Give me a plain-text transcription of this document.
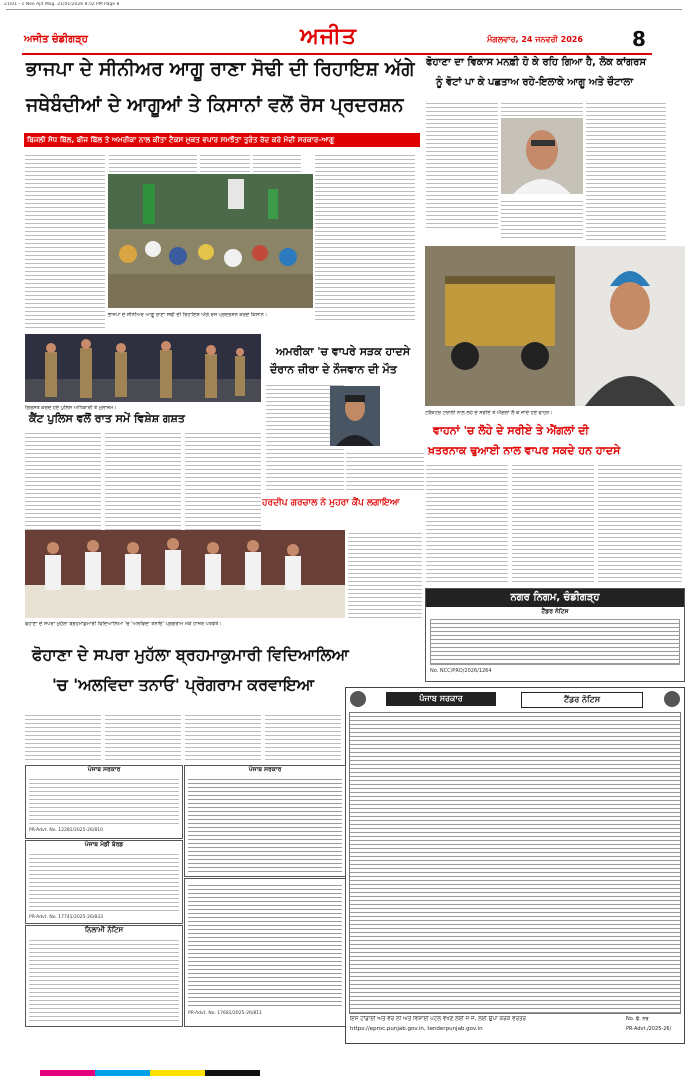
21/01 - 1 Neo Ajit Mag. 21/01/2026 8:52 PM Page 8
ਅਜੀਤ ਚੰਡੀਗੜ੍ਹ	ਅਜੀਤ	ਮੰਗਲਵਾਰ, 24 ਜਨਵਰੀ 2026 8
ਭਾਜਪਾ ਦੇ ਸੀਨੀਅਰ ਆਗੂ ਰਾਣਾ ਸੋਢੀ ਦੀ ਰਿਹਾਇਸ਼ ਅੱਗੇ
ਜਥੇਬੰਦੀਆਂ ਦੇ ਆਗੂਆਂ ਤੇ ਕਿਸਾਨਾਂ ਵਲੋਂ ਰੋਸ ਪ੍ਰਦਰਸ਼ਨ
ਬਿਜਲੀ ਸੋਧ ਬਿੱਲ, ਬੀਜ ਬਿੱਲ ਤੇ ਅਮਰੀਕਾ ਨਾਲ ਕੀਤਾ ਟੈਕਸ ਮੁਕਤ ਵਪਾਰ ਸਮਝੌਤਾ ਤੁਰੰਤ ਰੱਦ ਕਰੇ ਮੋਦੀ ਸਰਕਾਰ-ਆਗੂ
ਭਾਜਪਾ ਦੇ ਸੀਨੀਅਰ ਆਗੂ ਰਾਣਾ ਸੋਢੀ ਦੀ ਰਿਹਾਇਸ਼ ਅੱਗੇ ਰੋਸ ਪ੍ਰਦਰਸ਼ਨ ਕਰਦੇ ਕਿਸਾਨ।
ਫੋਹਾਣਾ ਦਾ ਵਿਕਾਸ ਮਨਫ਼ੀ ਹੋ ਕੇ ਰਹਿ ਗਿਆ ਹੈ, ਲੋਕ ਕਾਂਗਰਸ
ਨੂੰ ਵੋਟਾਂ ਪਾ ਕੇ ਪਛਤਾਅ ਰਹੇ-ਇਲਾਕੇ ਆਗੂ ਅਤੇ ਚੌਟਾਲਾ
ਗਿਰਸਤ ਕਰਦੇ ਹੋਏ ਪੁਲਿਸ ਅਧਿਕਾਰੀ ਤੇ ਮੁਲਾਜ਼ਮ।
ਕੈਂਟ ਪੁਲਿਸ ਵਲੋਂ ਰਾਤ ਸਮੇਂ ਵਿਸ਼ੇਸ਼ ਗਸ਼ਤ
ਅਮਰੀਕਾ 'ਚ ਵਾਪਰੇ ਸੜਕ ਹਾਦਸੇ
ਦੌਰਾਨ ਜ਼ੀਰਾ ਦੇ ਨੌਜਵਾਨ ਦੀ ਮੌਤ
ਹਰਦੀਪ ਗਰਚਾਲ ਨੇ ਮੁਹਰਾ ਕੈਂਪ ਲਗਾਇਆ
ਟਰੈਕਟਰ ਟਰਾਲੀ ਨਾਲ ਲੋਹੇ ਦੇ ਸਰੀਏ ਤੇ ਐਂਗਲਾਂ ਲੈ ਕੇ ਜਾਂਦੇ ਹੋਏ ਵਾਹਨ।
ਵਾਹਨਾਂ 'ਚ ਲੋਹੇ ਦੇ ਸਰੀਏ ਤੇ ਐਂਗਲਾਂ ਦੀ
ਖ਼ਤਰਨਾਕ ਢੁਆਈ ਨਾਲ ਵਾਪਰ ਸਕਦੇ ਹਨ ਹਾਦਸੇ
ਫੋਹਾਣਾ ਦੇ ਸਪਰਾ ਮੁਹੱਲਾ ਬ੍ਰਹਮਾਕੁਮਾਰੀ ਵਿਦਿਆਲਿਆ 'ਚ 'ਅਲਵਿਦਾ ਤਨਾਓ' ਪ੍ਰੋਗਰਾਮ ਮੌਕੇ ਹਾਜ਼ਰ ਪਤਵੰਤੇ।
ਫੋਹਾਣਾ ਦੇ ਸਪਰਾ ਮੁਹੱਲਾ ਬ੍ਰਹਮਾਕੁਮਾਰੀ ਵਿਦਿਆਲਿਆ
'ਚ 'ਅਲਵਿਦਾ ਤਨਾਓ' ਪ੍ਰੋਗਰਾਮ ਕਰਵਾਇਆ
ਨਗਰ ਨਿਗਮ, ਚੰਡੀਗੜ੍ਹ
ਟੈਂਡਰ ਨੋਟਿਸ
No. NCC/PRO/2026/1264
ਪੰਜਾਬ ਸਰਕਾਰ	ਟੈਂਡਰ ਨੋਟਿਸ
ਇਸ ਟਾਂਡਾਈ ਅਤੇ ਵੇਰ ਲੀ ਅਤੇ ਵਿਸ਼ਾਈ ਪੋਟਲ ਵੇਖਣ ਲਈ ਜੋ ਜੇ, ਲਈ ਉਪਾ ਕਰਕੇ ਵਰਤਰੋ
https://eproc.punjab.gov.in, tenderpunjab.gov.in
No. ਫੈ. ਨਰ
PR-Advt./2025-26/
ਪੰਜਾਬ ਸਰਕਾਰ
PR-Advt. No. 12281/2025-26/810
ਪੰਜਾਬ ਸਰਕਾਰ
ਪੰਜਾਬ ਮੰਡੀ ਬੋਰਡ
PR-Advt. No. 17741/2025-26/833
ਨਿਲਾਮੀ ਨੋਟਿਸ
PR-Advt. No. 17681/2025-26/811
